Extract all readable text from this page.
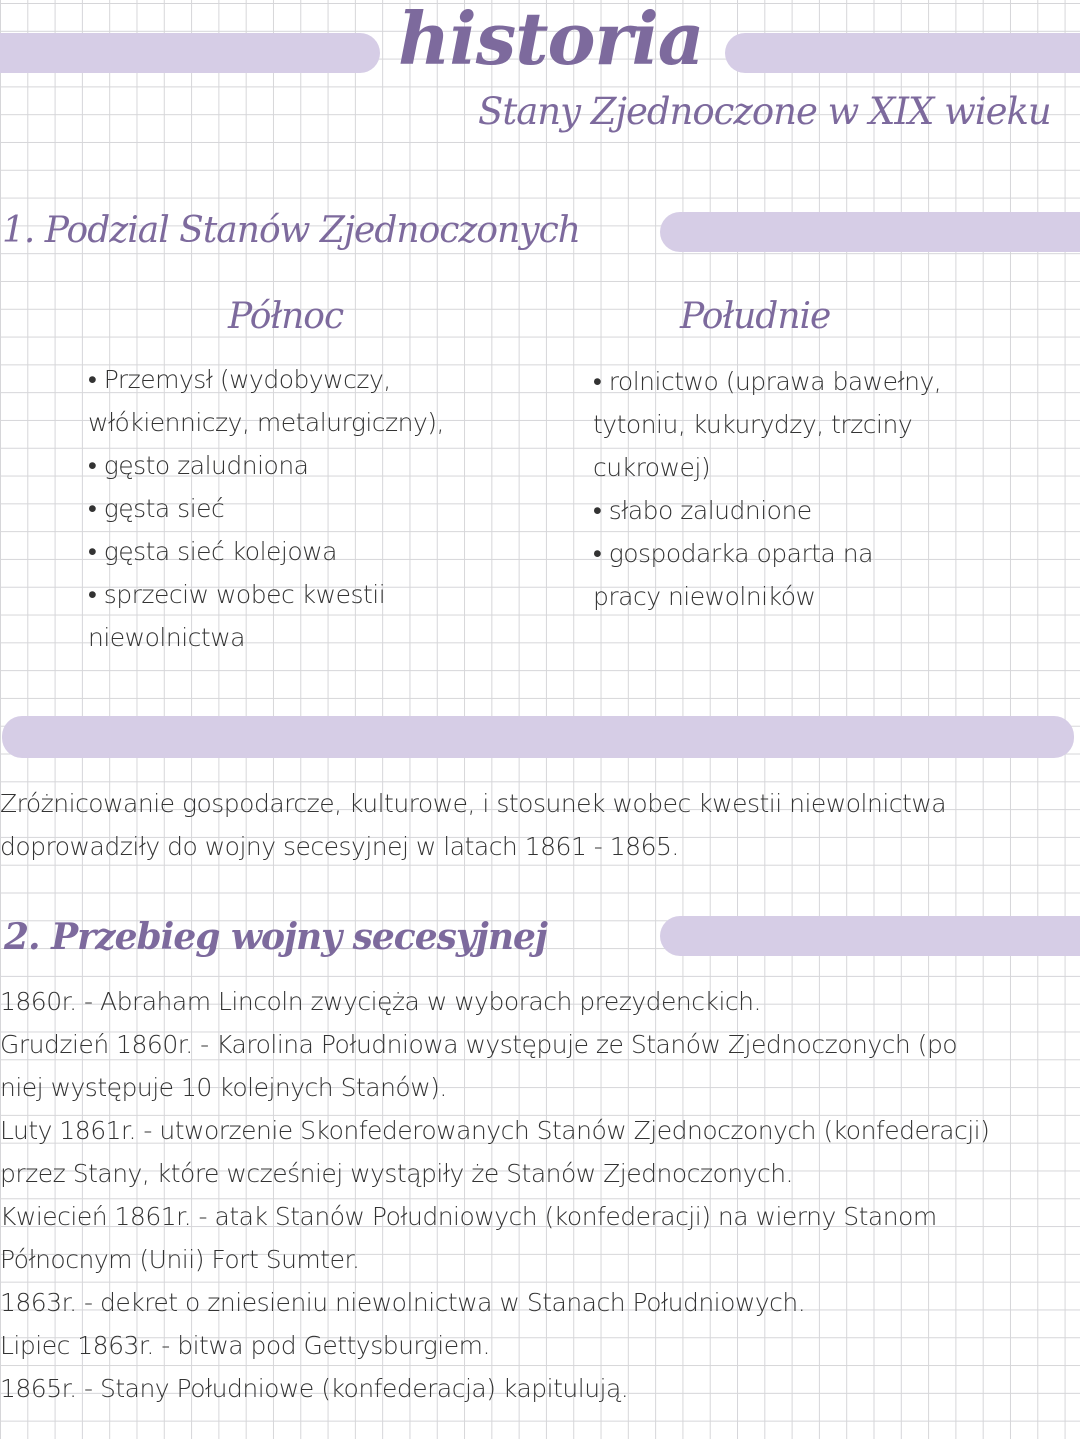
historia
Stany Zjednoczone w XIX wieku
1. Podzial Stanów Zjednoczonych
Północ	Południe
• Przemysł (wydobywczy,
włókienniczy, metalurgiczny),
• gęsto zaludniona
• gęsta sieć
• gęsta sieć kolejowa
• sprzeciw wobec kwestii
niewolnictwa
• rolnictwo (uprawa bawełny,
tytoniu, kukurydzy, trzciny
cukrowej)
• słabo zaludnione
• gospodarka oparta na
pracy niewolników
Zróżnicowanie gospodarcze, kulturowe, i stosunek wobec kwestii niewolnictwa
doprowadziły do wojny secesyjnej w latach 1861 - 1865.
2. Przebieg wojny secesyjnej
1860r. - Abraham Lincoln zwycięża w wyborach prezydenckich.
Grudzień 1860r. - Karolina Południowa występuje ze Stanów Zjednoczonych (po
niej występuje 10 kolejnych Stanów).
Luty 1861r. - utworzenie Skonfederowanych Stanów Zjednoczonych (konfederacji)
przez Stany, które wcześniej wystąpiły że Stanów Zjednoczonych.
Kwiecień 1861r. - atak Stanów Południowych (konfederacji) na wierny Stanom
Północnym (Unii) Fort Sumter.
1863r. - dekret o zniesieniu niewolnictwa w Stanach Południowych.
Lipiec 1863r. - bitwa pod Gettysburgiem.
1865r. - Stany Południowe (konfederacja) kapitulują.
